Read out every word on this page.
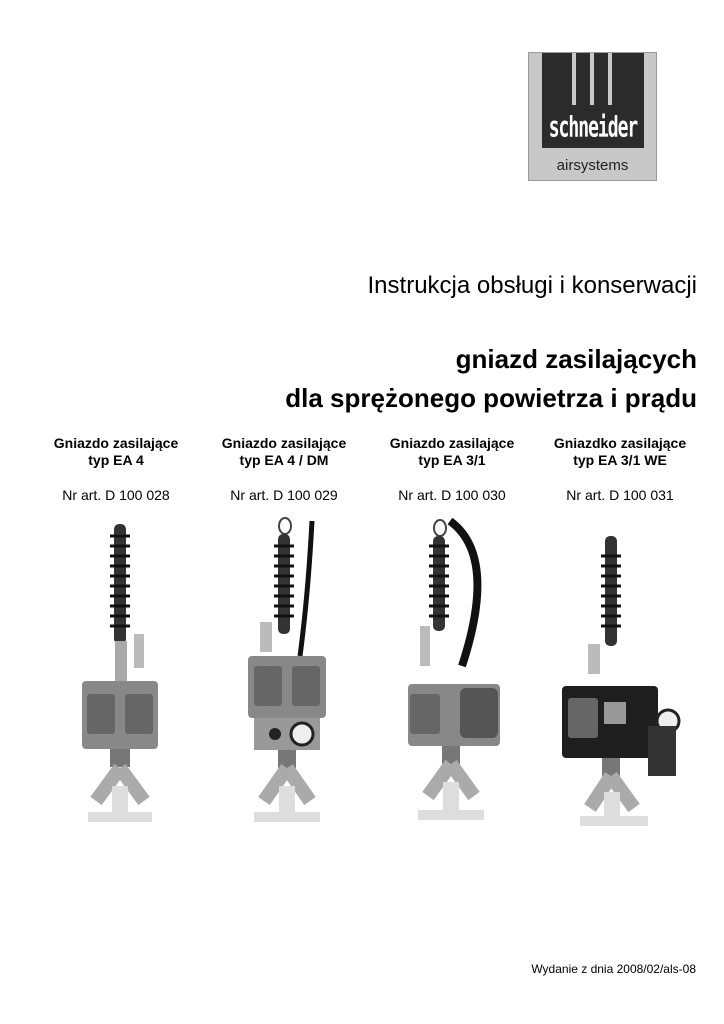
schneider
airsystems
Instrukcja obsługi i konserwacji
gniazd zasilających
dla sprężonego powietrza i prądu
Gniazdo zasilające
typ EA 4
Nr art. D 100 028
Gniazdo zasilające
typ EA 4 / DM
Nr art. D 100 029
Gniazdo zasilające
typ EA 3/1
Nr art. D 100 030
Gniazdko zasilające
typ EA 3/1 WE
Nr art. D 100 031
Wydanie z dnia 2008/02/als-08
